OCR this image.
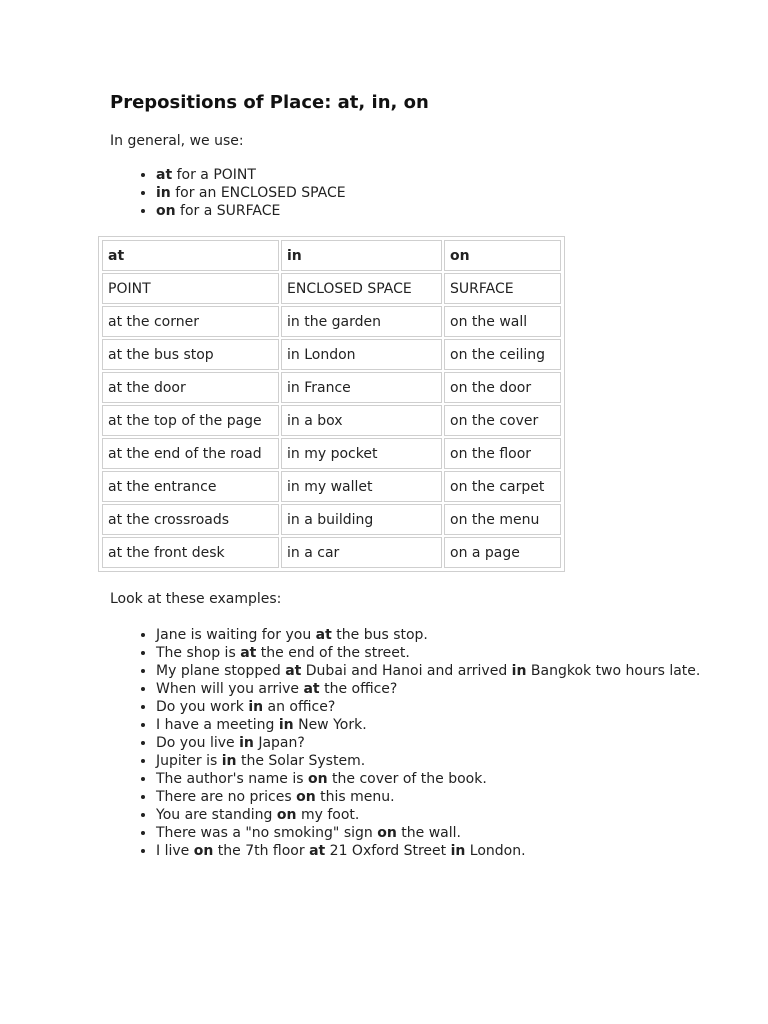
Prepositions of Place: at, in, on

In general, we use:

• at for a POINT
• in for an ENCLOSED SPACE
• on for a SURFACE
at	in	on
POINT	ENCLOSED SPACE	SURFACE
at the corner	in the garden	on the wall
at the bus stop	in London	on the ceiling
at the door	in France	on the door
at the top of the page	in a box	on the cover
at the end of the road	in my pocket	on the floor
at the entrance	in my wallet	on the carpet
at the crossroads	in a building	on the menu
at the front desk	in a car	on a page

Look at these examples:

• Jane is waiting for you at the bus stop.
• The shop is at the end of the street.
• My plane stopped at Dubai and Hanoi and arrived in Bangkok two hours late.
• When will you arrive at the office?
• Do you work in an office?
• I have a meeting in New York.
• Do you live in Japan?
• Jupiter is in the Solar System.
• The author's name is on the cover of the book.
• There are no prices on this menu.
• You are standing on my foot.
• There was a "no smoking" sign on the wall.
• I live on the 7th floor at 21 Oxford Street in London.
